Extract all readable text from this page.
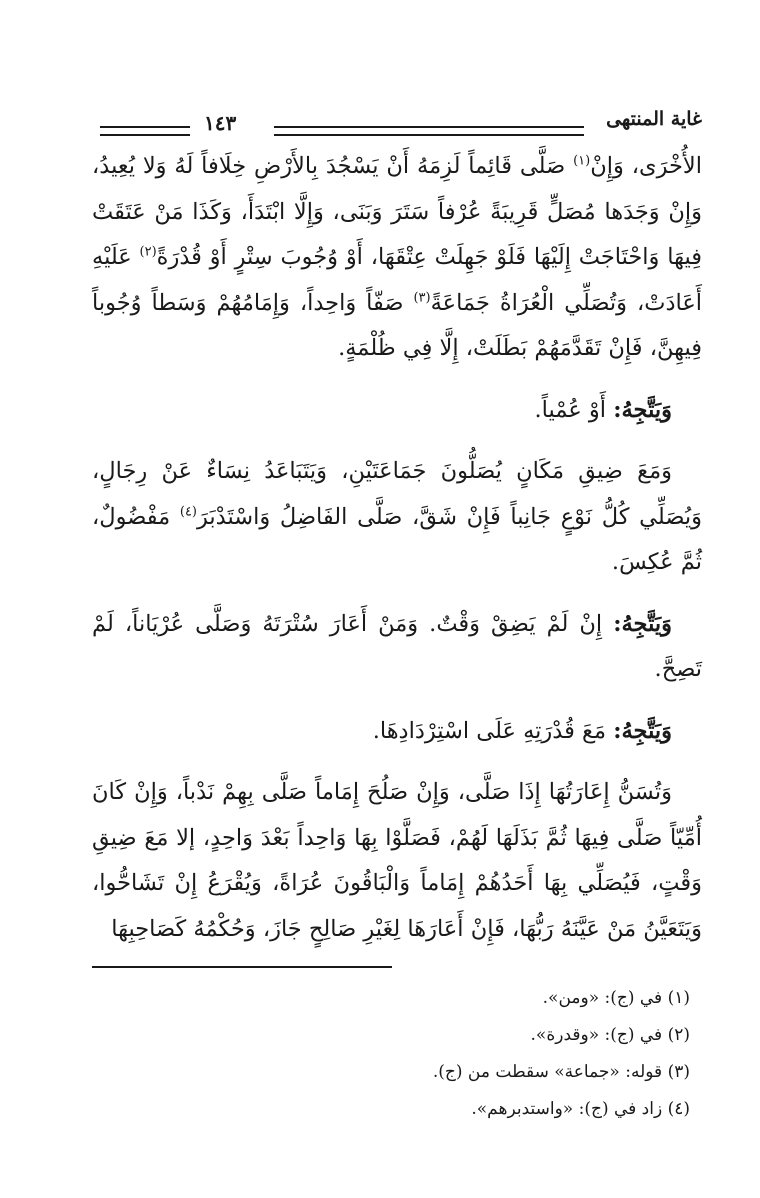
غاية المنتهى
١٤٣

الأُخْرَى، وَإِنْ$^{(١)}$ صَلَّى قَائِماً لَزِمَهُ أَنْ يَسْجُدَ بِالأَرْضِ خِلَافاً لَهُ وَلا يُعِيدُ، وَإِنْ وَجَدَها مُصَلٍّ قَرِيبَةً عُرْفاً سَتَرَ وَبَنَى، وَإِلَّا ابْتَدَأَ، وَكَذَا مَنْ عَتَقَتْ فِيهَا وَاحْتَاجَتْ إِلَيْهَا فَلَوْ جَهِلَتْ عِتْقَهَا، أَوْ وُجُوبَ سِتْرٍ أَوْ قُدْرَةً$^{(٢)}$ عَلَيْهِ أَعَادَتْ، وَتُصَلِّي الْعُرَاةُ جَمَاعَةً$^{(٣)}$ صَفّاً وَاحِداً، وَإِمَامُهُمْ وَسَطاً وُجُوباً فِيهِنَّ، فَإِنْ تَقَدَّمَهُمْ بَطَلَتْ، إِلَّا فِي ظُلْمَةٍ.

وَيَتَّجِهُ: أَوْ عُمْياً.

وَمَعَ ضِيقِ مَكَانٍ يُصَلُّونَ جَمَاعَتَيْنِ، وَيَتَبَاعَدُ نِسَاءٌ عَنْ رِجَالٍ، وَيُصَلِّي كُلُّ نَوْعٍ جَانِباً فَإِنْ شَقَّ، صَلَّى الفَاضِلُ وَاسْتَدْبَرَ$^{(٤)}$ مَفْضُولٌ، ثُمَّ عُكِسَ.

وَيَتَّجِهُ: إِنْ لَمْ يَضِقْ وَقْتٌ. وَمَنْ أَعَارَ سُتْرَتَهُ وَصَلَّى عُرْيَاناً، لَمْ تَصِحَّ.

وَيَتَّجِهُ: مَعَ قُدْرَتِهِ عَلَى اسْتِرْدَادِهَا.

وَتُسَنُّ إِعَارَتُهَا إِذَا صَلَّى، وَإِنْ صَلُحَ إِمَاماً صَلَّى بِهِمْ نَدْباً، وَإِنْ كَانَ أُمِّيّاً صَلَّى فِيهَا ثُمَّ بَذَلَهَا لَهُمْ، فَصَلَّوْا بِهَا وَاحِداً بَعْدَ وَاحِدٍ، إلا مَعَ ضِيقِ وَقْتٍ، فَيُصَلِّي بِهَا أَحَدُهُمْ إِمَاماً وَالْبَاقُونَ عُرَاةً، وَيُقْرَعُ إِنْ تَشَاحُّوا، وَيَتَعَيَّنُ مَنْ عَيَّنَهُ رَبُّهَا، فَإِنْ أَعَارَهَا لِغَيْرِ صَالِحٍ جَازَ، وَحُكْمُهُ كَصَاحِبِهَا

(١) في (ج): «ومن».
(٢) في (ج): «وقدرة».
(٣) قوله: «جماعة» سقطت من (ج).
(٤) زاد في (ج): «واستدبرهم».
